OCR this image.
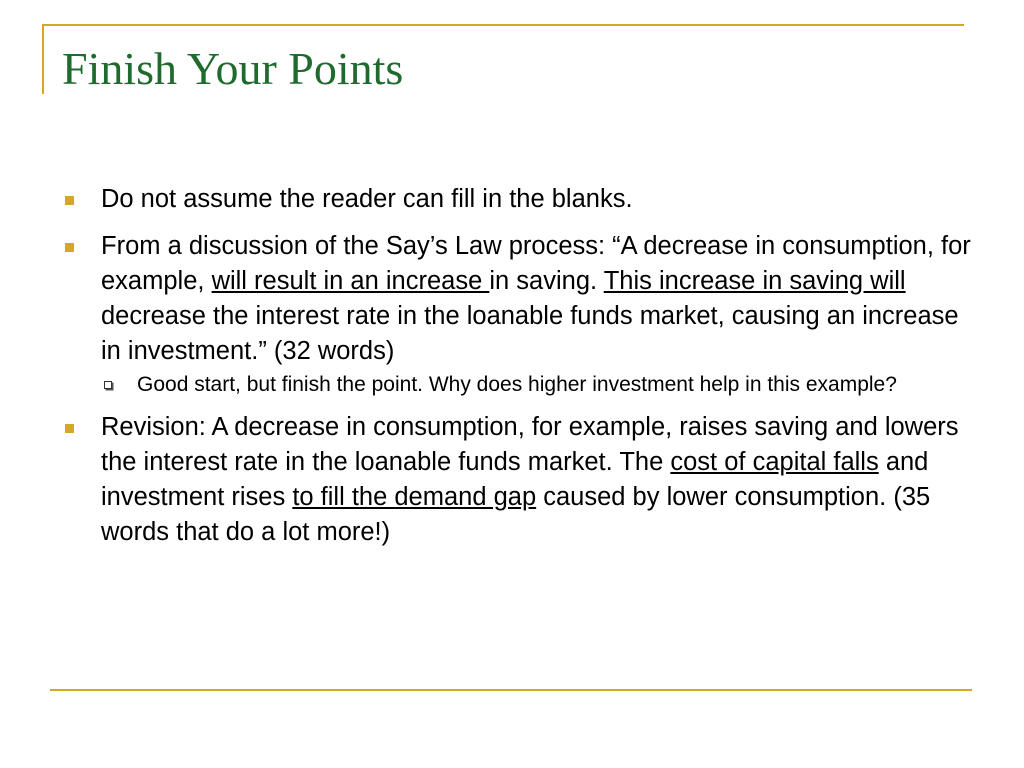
Finish Your Points
Do not assume the reader can fill in the blanks.
From a discussion of the Say’s Law process: “A decrease in consumption, for example, will result in an increase in saving. This increase in saving will decrease the interest rate in the loanable funds market, causing an increase in investment.” (32 words)
Good start, but finish the point. Why does higher investment help in this example?
Revision: A decrease in consumption, for example, raises saving and lowers the interest rate in the loanable funds market. The cost of capital falls and investment rises to fill the demand gap caused by lower consumption. (35 words that do a lot more!)
